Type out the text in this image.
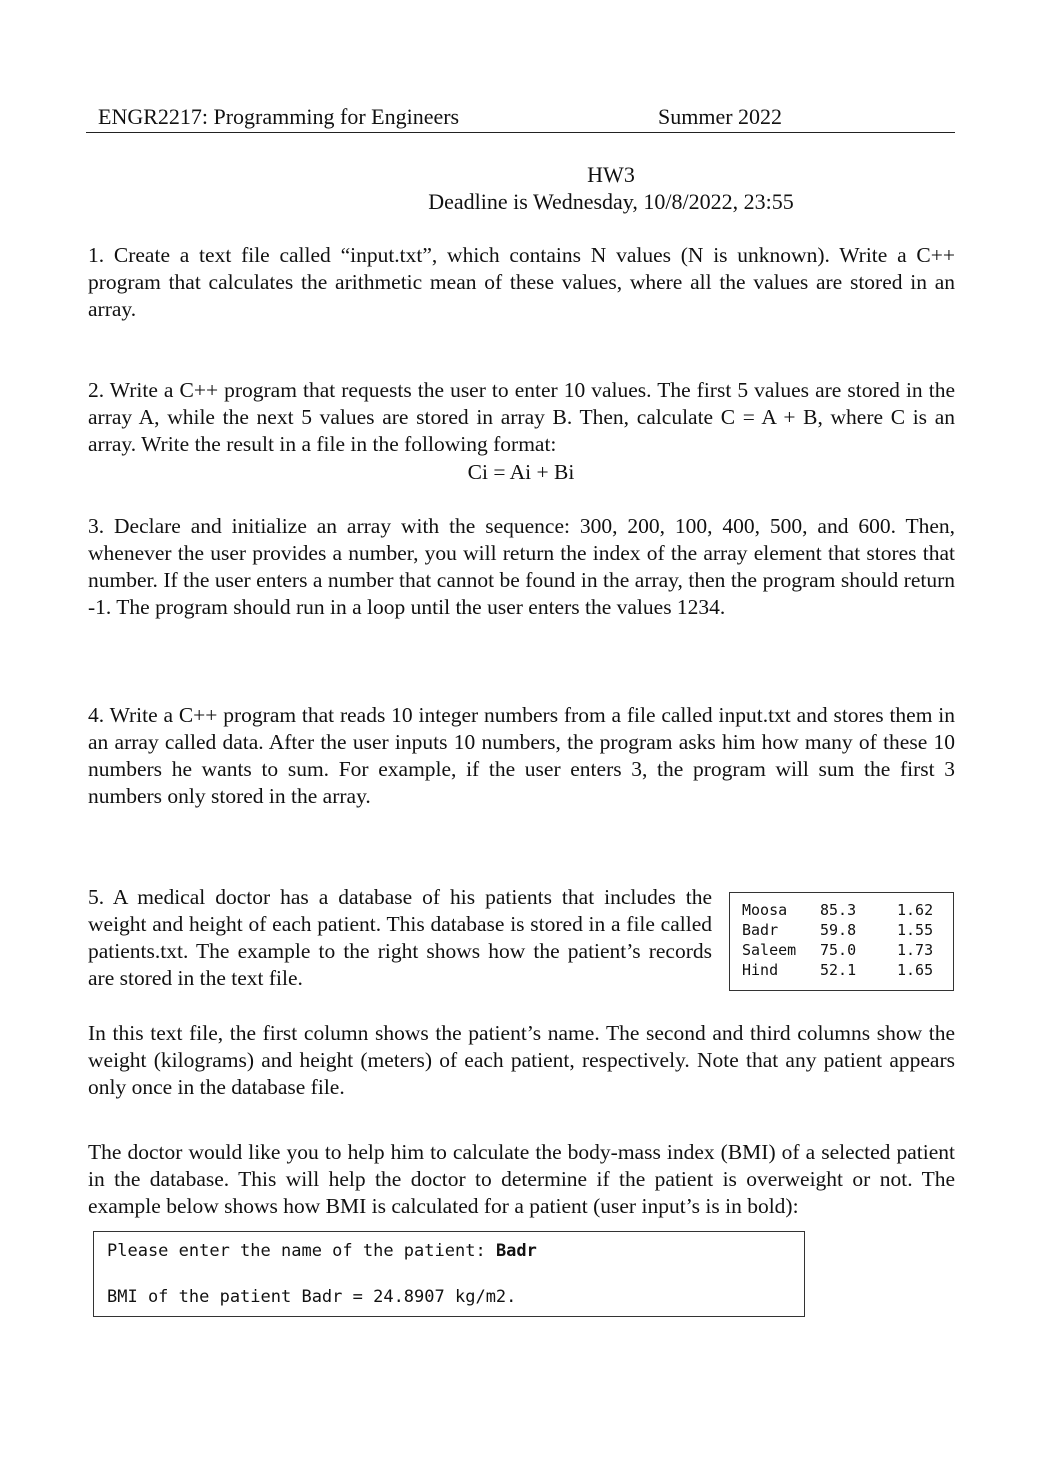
ENGR2217: Programming for Engineers	Summer 2022
HW3
Deadline is Wednesday, 10/8/2022, 23:55

1. Create a text file called “input.txt”, which contains N values (N is unknown). Write a C++ program that calculates the arithmetic mean of these values, where all the values are stored in an array.

2. Write a C++ program that requests the user to enter 10 values. The first 5 values are stored in the array A, while the next 5 values are stored in array B. Then, calculate C = A + B, where C is an array. Write the result in a file in the following format:

Ci = Ai + Bi

3. Declare and initialize an array with the sequence: 300, 200, 100, 400, 500, and 600. Then, whenever the user provides a number, you will return the index of the array element that stores that number. If the user enters a number that cannot be found in the array, then the program should return -1. The program should run in a loop until the user enters the values 1234.

4. Write a C++ program that reads 10 integer numbers from a file called input.txt and stores them in an array called data. After the user inputs 10 numbers, the program asks him how many of these 10 numbers he wants to sum. For example, if the user enters 3, the program will sum the first 3 numbers only stored in the array.

5. A medical doctor has a database of his patients that includes the weight and height of each patient. This database is stored in a file called patients.txt. The example to the right shows how the patient’s records are stored in the text file.

Moosa 85.3	1.62
Badr	59.8	1.55
Saleem 75.0	1.73
Hind	52.1	1.65

In this text file, the first column shows the patient’s name. The second and third columns show the weight (kilograms) and height (meters) of each patient, respectively. Note that any patient appears only once in the database file.

The doctor would like you to help him to calculate the body-mass index (BMI) of a selected patient in the database. This will help the doctor to determine if the patient is overweight or not. The example below shows how BMI is calculated for a patient (user input’s is in bold):

Please enter the name of the patient: Badr
BMI of the patient Badr = 24.8907 kg/m2.
